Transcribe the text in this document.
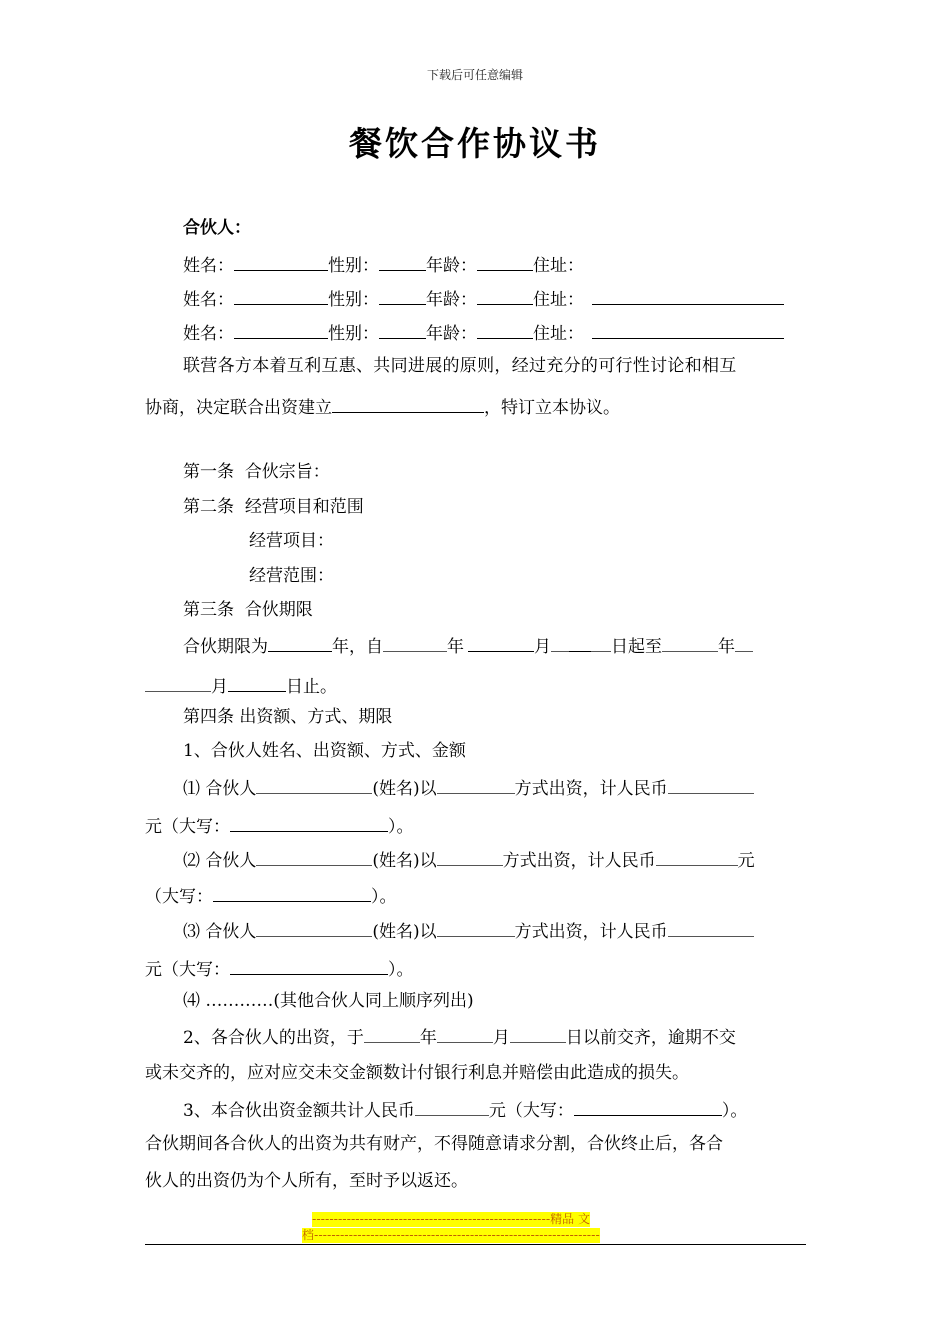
下载后可任意编辑
餐饮合作协议书
合伙人：
姓名：	性别：	年龄：	住址：
姓名：	性别：	年龄：	住址：
姓名：	性别：	年龄：	住址：
联营各方本着互利互惠、共同进展的原则，经过充分的可行性讨论和相互
协商，决定联合出资建立	，特订立本协议。
第一条 合伙宗旨：
第二条 经营项目和范围
经营项目：
经营范围：
第三条 合伙期限
合伙期限为	年，自	年	月	日起至	年
月	日止。
第四条 出资额、方式、期限
1、合伙人姓名、出资额、方式、金额
⑴ 合伙人	(姓名)以	方式出资，计人民币
元（大写：	）。
⑵ 合伙人	(姓名)以	方式出资，计人民币	元
（大写：	）。
⑶ 合伙人	(姓名)以	方式出资，计人民币
元（大写：	）。
⑷ …………(其他合伙人同上顺序列出)
2、各合伙人的出资，于	年	月	日以前交齐，逾期不交
或未交齐的，应对应交未交金额数计付银行利息并赔偿由此造成的损失。
3、本合伙出资金额共计人民币	元（大写：	）。
合伙期间各合伙人的出资为共有财产，不得随意请求分割，合伙终止后，各合
伙人的出资仍为个人所有，至时予以返还。
-------------------------------------------------------精品 文
档------------------------------------------------------------------
